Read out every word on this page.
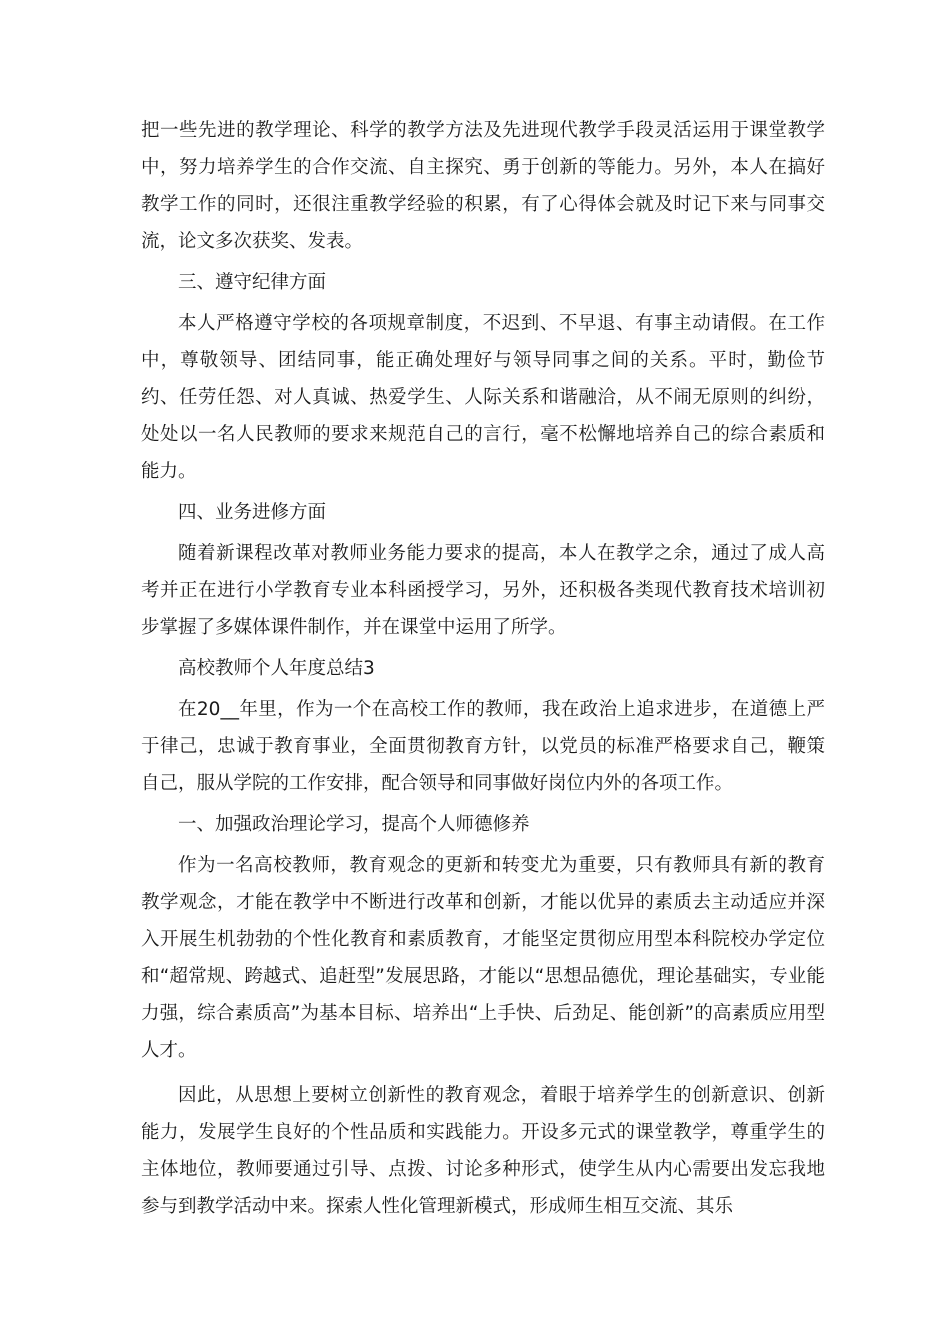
把一些先进的教学理论、科学的教学方法及先进现代教学手段灵活运用于课堂教学中，努力培养学生的合作交流、自主探究、勇于创新的等能力。另外，本人在搞好教学工作的同时，还很注重教学经验的积累，有了心得体会就及时记下来与同事交流，论文多次获奖、发表。

三、遵守纪律方面

本人严格遵守学校的各项规章制度，不迟到、不早退、有事主动请假。在工作中，尊敬领导、团结同事，能正确处理好与领导同事之间的关系。平时，勤俭节约、任劳任怨、对人真诚、热爱学生、人际关系和谐融洽，从不闹无原则的纠纷，处处以一名人民教师的要求来规范自己的言行，毫不松懈地培养自己的综合素质和能力。

四、业务进修方面

随着新课程改革对教师业务能力要求的提高，本人在教学之余，通过了成人高考并正在进行小学教育专业本科函授学习，另外，还积极各类现代教育技术培训初步掌握了多媒体课件制作，并在课堂中运用了所学。

高校教师个人年度总结3

在20__年里，作为一个在高校工作的教师，我在政治上追求进步，在道德上严于律己，忠诚于教育事业，全面贯彻教育方针，以党员的标准严格要求自己，鞭策自己，服从学院的工作安排，配合领导和同事做好岗位内外的各项工作。

一、加强政治理论学习，提高个人师德修养

作为一名高校教师，教育观念的更新和转变尤为重要，只有教师具有新的教育教学观念，才能在教学中不断进行改革和创新，才能以优异的素质去主动适应并深入开展生机勃勃的个性化教育和素质教育，才能坚定贯彻应用型本科院校办学定位和“超常规、跨越式、追赶型”发展思路，才能以“思想品德优，理论基础实，专业能力强，综合素质高”为基本目标、培养出“上手快、后劲足、能创新”的高素质应用型人才。

因此，从思想上要树立创新性的教育观念，着眼于培养学生的创新意识、创新能力，发展学生良好的个性品质和实践能力。开设多元式的课堂教学，尊重学生的主体地位，教师要通过引导、点拨、讨论多种形式，使学生从内心需要出发忘我地参与到教学活动中来。探索人性化管理新模式，形成师生相互交流、其乐
